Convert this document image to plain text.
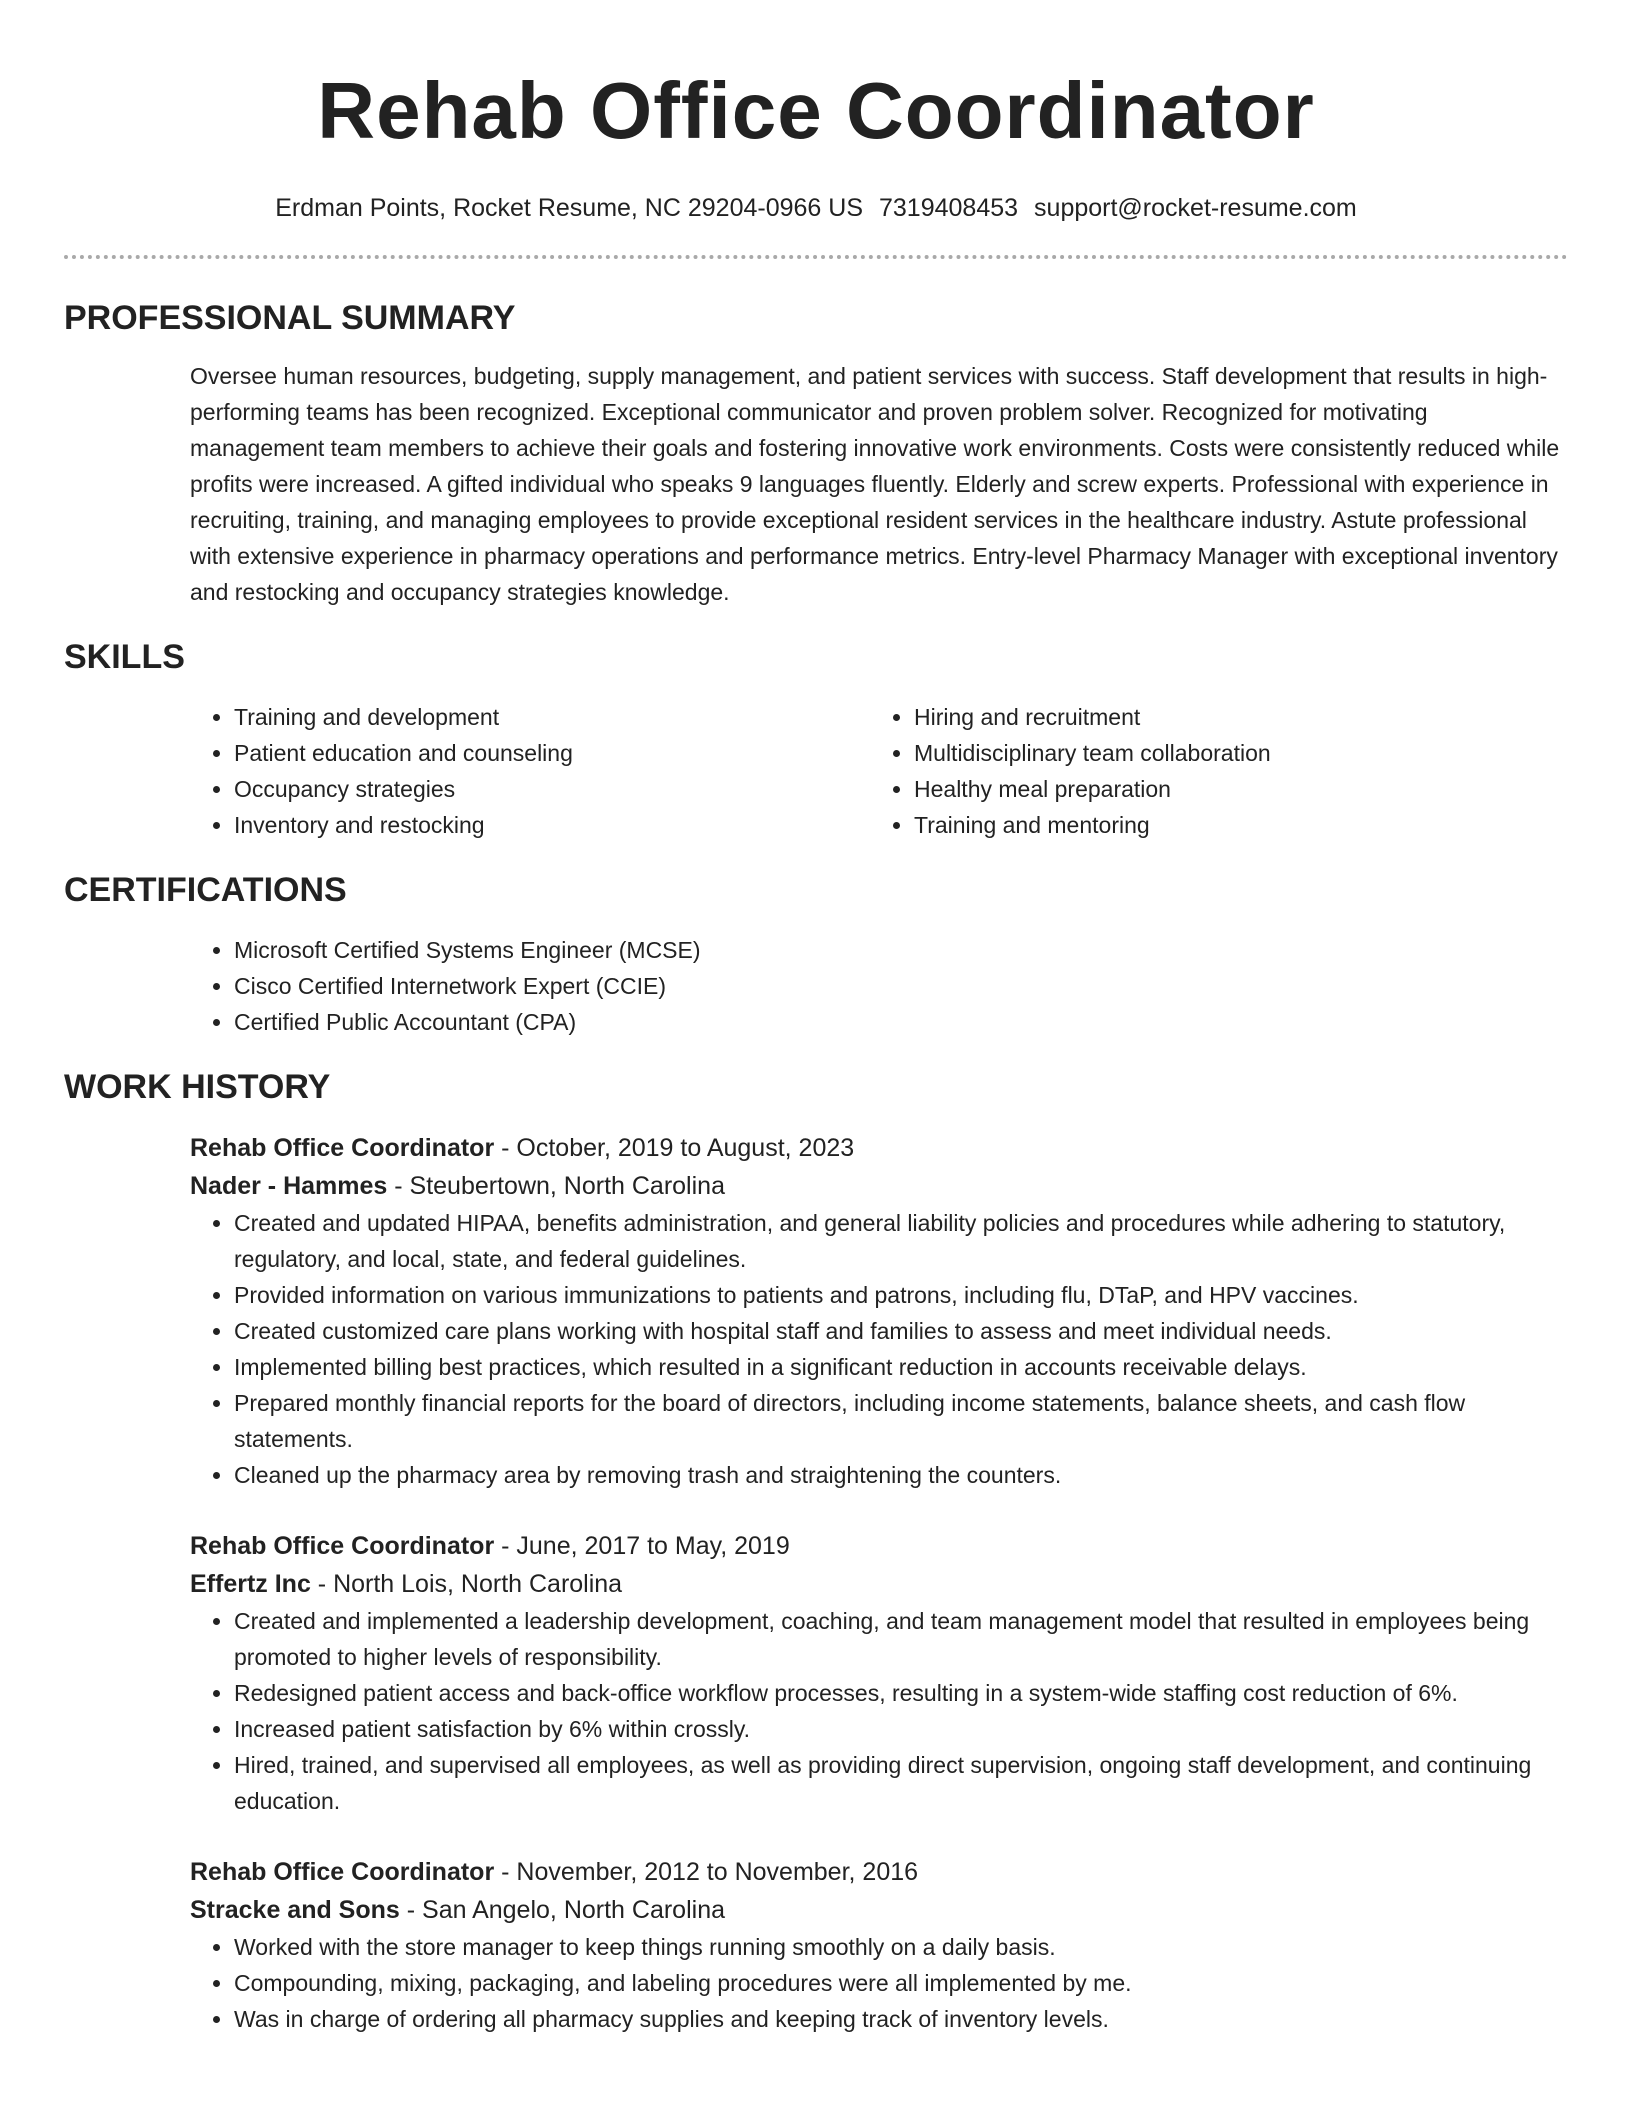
Rehab Office Coordinator
Erdman Points, Rocket Resume, NC 29204-0966 US 7319408453 support@rocket-resume.com
PROFESSIONAL SUMMARY

Oversee human resources, budgeting, supply management, and patient services with success. Staff development that results in high-performing teams has been recognized. Exceptional communicator and proven problem solver. Recognized for motivating management team members to achieve their goals and fostering innovative work environments. Costs were consistently reduced while profits were increased. A gifted individual who speaks 9 languages fluently. Elderly and screw experts. Professional with experience in recruiting, training, and managing employees to provide exceptional resident services in the healthcare industry. Astute professional with extensive experience in pharmacy operations and performance metrics. Entry-level Pharmacy Manager with exceptional inventory and restocking and occupancy strategies knowledge.

SKILLS
• Training and development
• Patient education and counseling
• Occupancy strategies
• Inventory and restocking
• Hiring and recruitment
• Multidisciplinary team collaboration
• Healthy meal preparation
• Training and mentoring
CERTIFICATIONS
• Microsoft Certified Systems Engineer (MCSE)
• Cisco Certified Internetwork Expert (CCIE)
• Certified Public Accountant (CPA)
WORK HISTORY
Rehab Office Coordinator - October, 2019 to August, 2023
Nader - Hammes - Steubertown, North Carolina
• Created and updated HIPAA, benefits administration, and general liability policies and procedures while adhering to statutory, regulatory, and local, state, and federal guidelines.
• Provided information on various immunizations to patients and patrons, including flu, DTaP, and HPV vaccines.
• Created customized care plans working with hospital staff and families to assess and meet individual needs.
• Implemented billing best practices, which resulted in a significant reduction in accounts receivable delays.
• Prepared monthly financial reports for the board of directors, including income statements, balance sheets, and cash flow statements.
• Cleaned up the pharmacy area by removing trash and straightening the counters.
Rehab Office Coordinator - June, 2017 to May, 2019
Effertz Inc - North Lois, North Carolina
• Created and implemented a leadership development, coaching, and team management model that resulted in employees being promoted to higher levels of responsibility.
• Redesigned patient access and back-office workflow processes, resulting in a system-wide staffing cost reduction of 6%.
• Increased patient satisfaction by 6% within crossly.
• Hired, trained, and supervised all employees, as well as providing direct supervision, ongoing staff development, and continuing education.
Rehab Office Coordinator - November, 2012 to November, 2016
Stracke and Sons - San Angelo, North Carolina
• Worked with the store manager to keep things running smoothly on a daily basis.
• Compounding, mixing, packaging, and labeling procedures were all implemented by me.
• Was in charge of ordering all pharmacy supplies and keeping track of inventory levels.
